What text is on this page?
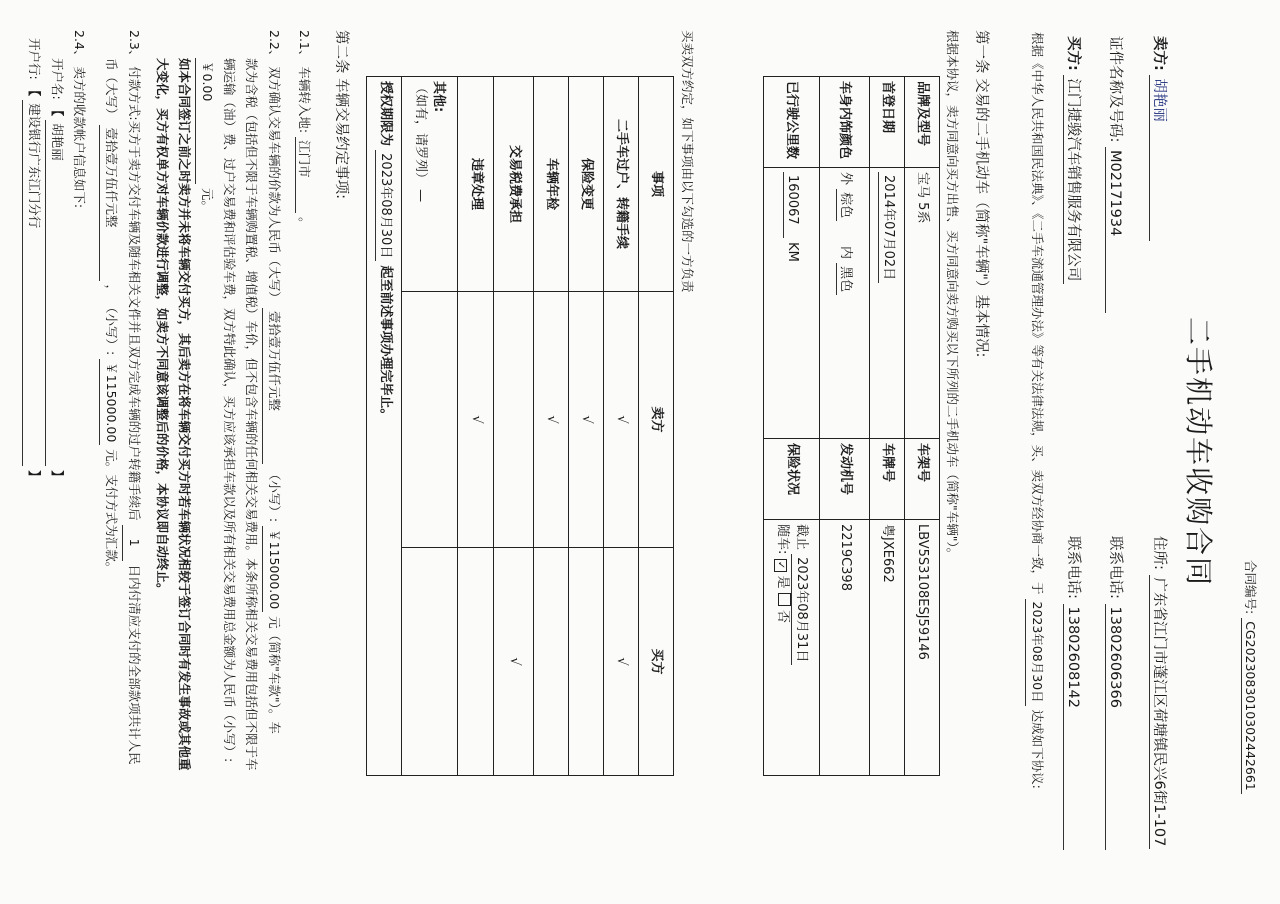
合同编号: CG2023083010302442661
二手机动车收购合同
卖方: 胡艳丽
住所: 广东省江门市蓬江区荷塘镇民兴6街1-107
证件名称及号码: M02171934
联系电话: 13802606366
买方: 江门捷骏汽车销售服务有限公司
联系电话: 13802608142
根据《中华人民共和国民法典》、《二手车流通管理办法》等有关法律法规，买、卖双方经协商一致，于 2023年08月30日 达成如下协议:
第一条 交易的二手机动车（简称"车辆"）基本情况:
根据本协议，卖方同意向买方出售、买方同意向卖方购买以下所列的二手机动车（简称"车辆"）。
品牌及型号	宝马 5系	车架号	LBV5S3108ESJ59146
首登日期	2014年07月02日	车牌号	粤JXE662
车身内饰颜色	外 棕色      内 黑色	发动机号	2219C398
已行驶公里数	160067 KM	保险状况	截止 2023年08月31日
随车: ✓ 是  否
买卖双方约定，如下事项由以下勾选的一方负责
事项	卖方	买方
二手车过户、转籍手续	√	√
保险变更	√	
车辆年检	√	
交易税费承担		√
违章处理	√	

其他:
（如有，请罗列） —		

授权期限为 2023年08月30日 起至前述事项办理完毕止。		
第二条 车辆交易约定事项:
2.1、 车辆转入地: 江门市 。
2.2、 双方确认交易车辆的价款为人民币（大写） 壹拾壹万伍仟元整 （小写）: ￥115000.00 元（简称"车款"）。车
款为含税（包括但不限于车辆购置税、增值税）车价，但不包含车辆的任何相关交易费用。本条所称相关交易费用包括但不限于车
辆运输（油）费、过户交易费和评估验车费，双方特此确认，买方应该承担车款以及所有相关交易费用总金额为人民币（小写）:
￥0.00 元。
如本合同签订之前之时卖方并未将车辆交付买方，其后卖方在将车辆交付买方时若车辆状况相较于签订合同时有发生事故或其他重
大变化，买方有权单方对车辆价款进行调整，如卖方不同意该调整后的价格，本协议即自动终止。
2.3、 付款方式:买方于卖方交付车辆及随车相关文件并且双方完成车辆的过户转籍手续后 1 日内付清应支付的全部款项共计人民
币（大写） 壹拾壹万伍仟元整 ， （小写）: ￥115000.00 元。支付方式为汇款。
2.4、 卖方的收款帐户信息如下:
开户名: 【 胡艳丽 】
开户行: 【 建设银行广东江门分行 】
